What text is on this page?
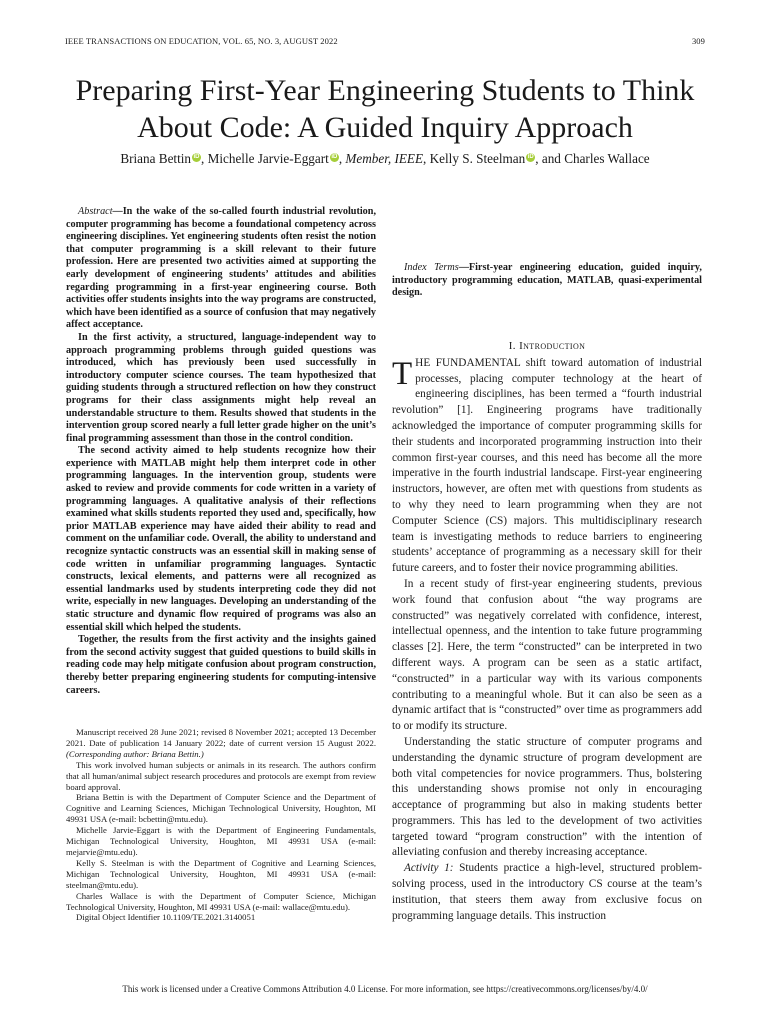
IEEE TRANSACTIONS ON EDUCATION, VOL. 65, NO. 3, AUGUST 2022	309
Preparing First-Year Engineering Students to Think About Code: A Guided Inquiry Approach
Briana Bettin iD , Michelle Jarvie-Eggart iD , Member, IEEE, Kelly S. Steelman iD , and Charles Wallace

Abstract—In the wake of the so-called fourth industrial revolution, computer programming has become a foundational competency across engineering disciplines. Yet engineering students often resist the notion that computer programming is a skill relevant to their future profession. Here are presented two activities aimed at supporting the early development of engineering students’ attitudes and abilities regarding programming in a first-year engineering course. Both activities offer students insights into the way programs are constructed, which have been identified as a source of confusion that may negatively affect acceptance.

In the first activity, a structured, language-independent way to approach programming problems through guided questions was introduced, which has previously been used successfully in introductory computer science courses. The team hypothesized that guiding students through a structured reflection on how they construct programs for their class assignments might help reveal an understandable structure to them. Results showed that students in the intervention group scored nearly a full letter grade higher on the unit’s final programming assessment than those in the control condition.

The second activity aimed to help students recognize how their experience with MATLAB might help them interpret code in other programming languages. In the intervention group, students were asked to review and provide comments for code written in a variety of programming languages. A qualitative analysis of their reflections examined what skills students reported they used and, specifically, how prior MATLAB experience may have aided their ability to read and comment on the unfamiliar code. Overall, the ability to understand and recognize syntactic constructs was an essential skill in making sense of code written in unfamiliar programming languages. Syntactic constructs, lexical elements, and patterns were all recognized as essential landmarks used by students interpreting code they did not write, especially in new languages. Developing an understanding of the static structure and dynamic flow required of programs was also an essential skill which helped the students.

Together, the results from the first activity and the insights gained from the second activity suggest that guided questions to build skills in reading code may help mitigate confusion about program construction, thereby better preparing engineering students for computing-intensive careers.

Manuscript received 28 June 2021; revised 8 November 2021; accepted 13 December 2021. Date of publication 14 January 2022; date of current version 15 August 2022. (Corresponding author: Briana Bettin.)

This work involved human subjects or animals in its research. The authors confirm that all human/animal subject research procedures and protocols are exempt from review board approval.

Briana Bettin is with the Department of Computer Science and the Department of Cognitive and Learning Sciences, Michigan Technological University, Houghton, MI 49931 USA (e-mail: bcbettin@mtu.edu).

Michelle Jarvie-Eggart is with the Department of Engineering Fundamentals, Michigan Technological University, Houghton, MI 49931 USA (e-mail: mejarvie@mtu.edu).

Kelly S. Steelman is with the Department of Cognitive and Learning Sciences, Michigan Technological University, Houghton, MI 49931 USA (e-mail: steelman@mtu.edu).

Charles Wallace is with the Department of Computer Science, Michigan Technological University, Houghton, MI 49931 USA (e-mail: wallace@mtu.edu).

Digital Object Identifier 10.1109/TE.2021.3140051

Index Terms—First-year engineering education, guided inquiry, introductory programming education, MATLAB, quasi-experimental design.

I. Introduction

THE FUNDAMENTAL shift toward automation of industrial processes, placing computer technology at the heart of engineering disciplines, has been termed a “fourth industrial revolution” [1]. Engineering programs have traditionally acknowledged the importance of computer programming skills for their students and incorporated programming instruction into their common first-year courses, and this need has become all the more imperative in the fourth industrial landscape. First-year engineering instructors, however, are often met with questions from students as to why they need to learn programming when they are not Computer Science (CS) majors. This multidisciplinary research team is investigating methods to reduce barriers to engineering students’ acceptance of programming as a necessary skill for their future careers, and to foster their novice programming abilities.

In a recent study of first-year engineering students, previous work found that confusion about “the way programs are constructed” was negatively correlated with confidence, interest, intellectual openness, and the intention to take future programming classes [2]. Here, the term “constructed” can be interpreted in two different ways. A program can be seen as a static artifact, “constructed” in a particular way with its various components contributing to a meaningful whole. But it can also be seen as a dynamic artifact that is “constructed” over time as programmers add to or modify its structure.

Understanding the static structure of computer programs and understanding the dynamic structure of program development are both vital competencies for novice programmers. Thus, bolstering this understanding shows promise not only in encouraging acceptance of programming but also in making students better programmers. This has led to the development of two activities targeted toward “program construction” with the intention of alleviating confusion and thereby increasing acceptance.

Activity 1: Students practice a high-level, structured problem-solving process, used in the introductory CS course at the team’s institution, that steers them away from exclusive focus on programming language details. This instruction

This work is licensed under a Creative Commons Attribution 4.0 License. For more information, see https://creativecommons.org/licenses/by/4.0/
